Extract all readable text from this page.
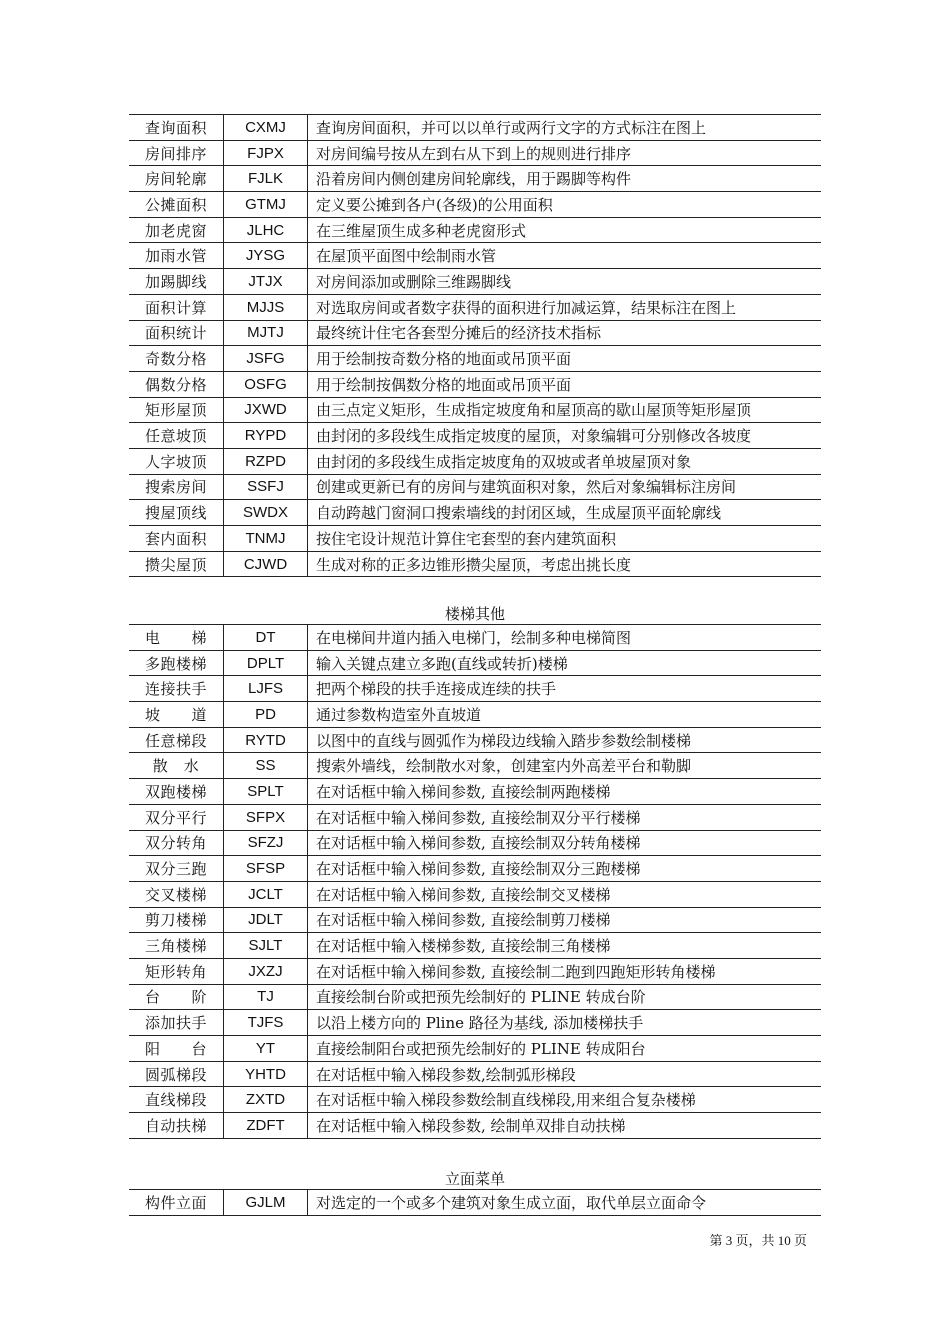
查询面积	CXMJ	查询房间面积，并可以以单行或两行文字的方式标注在图上
房间排序	FJPX	对房间编号按从左到右从下到上的规则进行排序
房间轮廓	FJLK	沿着房间内侧创建房间轮廓线，用于踢脚等构件
公摊面积	GTMJ	定义要公摊到各户(各级)的公用面积
加老虎窗	JLHC	在三维屋顶生成多种老虎窗形式
加雨水管	JYSG	在屋顶平面图中绘制雨水管
加踢脚线	JTJX	对房间添加或删除三维踢脚线
面积计算	MJJS	对选取房间或者数字获得的面积进行加减运算，结果标注在图上
面积统计	MJTJ	最终统计住宅各套型分摊后的经济技术指标
奇数分格	JSFG	用于绘制按奇数分格的地面或吊顶平面
偶数分格	OSFG	用于绘制按偶数分格的地面或吊顶平面
矩形屋顶	JXWD	由三点定义矩形，生成指定坡度角和屋顶高的歇山屋顶等矩形屋顶
任意坡顶	RYPD	由封闭的多段线生成指定坡度的屋顶，对象编辑可分别修改各坡度
人字坡顶	RZPD	由封闭的多段线生成指定坡度角的双坡或者单坡屋顶对象
搜索房间	SSFJ	创建或更新已有的房间与建筑面积对象，然后对象编辑标注房间
搜屋顶线	SWDX	自动跨越门窗洞口搜索墙线的封闭区域，生成屋顶平面轮廓线
套内面积	TNMJ	按住宅设计规范计算住宅套型的套内建筑面积
攒尖屋顶	CJWD	生成对称的正多边锥形攒尖屋顶，考虑出挑长度
楼梯其他
电　　梯	DT	在电梯间井道内插入电梯门，绘制多种电梯简图
多跑楼梯	DPLT	输入关键点建立多跑(直线或转折)楼梯
连接扶手	LJFS	把两个梯段的扶手连接成连续的扶手
坡　　道	PD	通过参数构造室外直坡道
任意梯段	RYTD	以图中的直线与圆弧作为梯段边线输入踏步参数绘制楼梯
散　水	SS	搜索外墙线，绘制散水对象，创建室内外高差平台和勒脚
双跑楼梯	SPLT	在对话框中输入梯间参数, 直接绘制两跑楼梯
双分平行	SFPX	在对话框中输入梯间参数, 直接绘制双分平行楼梯
双分转角	SFZJ	在对话框中输入梯间参数, 直接绘制双分转角楼梯
双分三跑	SFSP	在对话框中输入梯间参数, 直接绘制双分三跑楼梯
交叉楼梯	JCLT	在对话框中输入梯间参数, 直接绘制交叉楼梯
剪刀楼梯	JDLT	在对话框中输入梯间参数, 直接绘制剪刀楼梯
三角楼梯	SJLT	在对话框中输入楼梯参数, 直接绘制三角楼梯
矩形转角	JXZJ	在对话框中输入梯间参数, 直接绘制二跑到四跑矩形转角楼梯
台　　阶	TJ	直接绘制台阶或把预先绘制好的 PLINE 转成台阶
添加扶手	TJFS	以沿上楼方向的 Pline 路径为基线, 添加楼梯扶手
阳　　台	YT	直接绘制阳台或把预先绘制好的 PLINE 转成阳台
圆弧梯段	YHTD	在对话框中输入梯段参数,绘制弧形梯段
直线梯段	ZXTD	在对话框中输入梯段参数绘制直线梯段,用来组合复杂楼梯
自动扶梯	ZDFT	在对话框中输入梯段参数, 绘制单双排自动扶梯
立面菜单
构件立面	GJLM	对选定的一个或多个建筑对象生成立面，取代单层立面命令
第 3 页，共 10 页
